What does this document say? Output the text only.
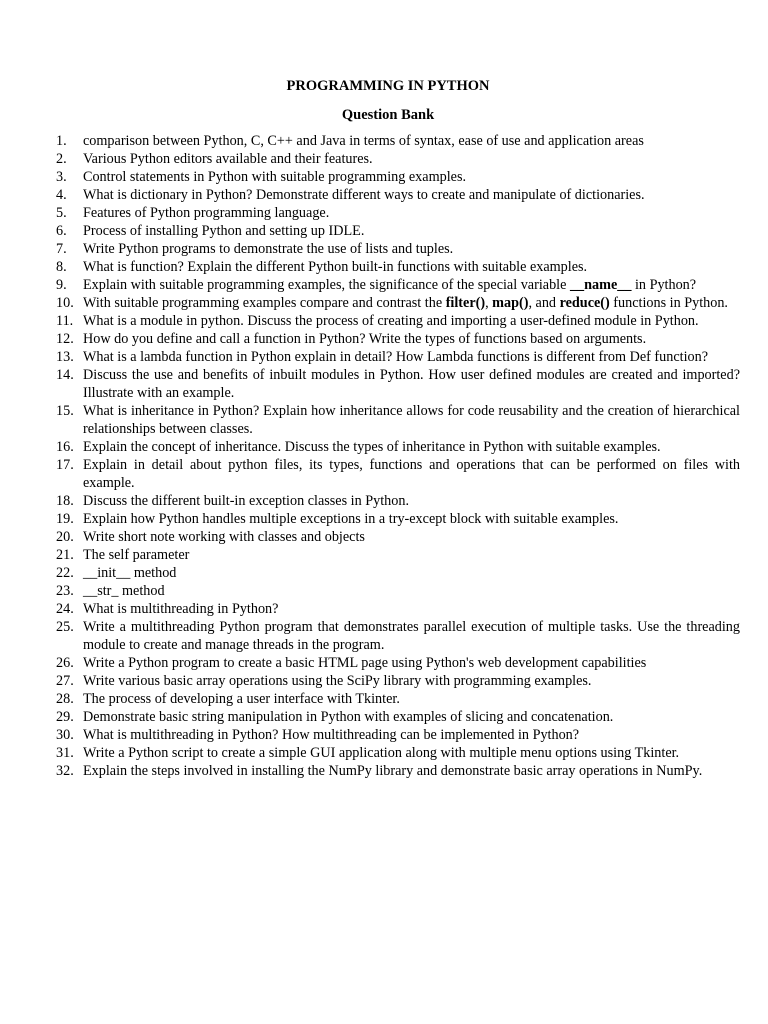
PROGRAMMING IN PYTHON
Question Bank
1. comparison between Python, C, C++ and Java in terms of syntax, ease of use and application areas
2. Various Python editors available and their features.
3. Control statements in Python with suitable programming examples.
4. What is dictionary in Python? Demonstrate different ways to create and manipulate of dictionaries.
5. Features of Python programming language.
6. Process of installing Python and setting up IDLE.
7. Write Python programs to demonstrate the use of lists and tuples.
8. What is function? Explain the different Python built-in functions with suitable examples.
9. Explain with suitable programming examples, the significance of the special variable __name__ in Python?
10. With suitable programming examples compare and contrast the filter(), map(), and reduce() functions in Python.
11. What is a module in python. Discuss the process of creating and importing a user-defined module in Python.
12. How do you define and call a function in Python? Write the types of functions based on arguments.
13. What is a lambda function in Python explain in detail? How Lambda functions is different from Def function?
14. Discuss the use and benefits of inbuilt modules in Python. How user defined modules are created and imported? Illustrate with an example.
15. What is inheritance in Python? Explain how inheritance allows for code reusability and the creation of hierarchical relationships between classes.
16. Explain the concept of inheritance. Discuss the types of inheritance in Python with suitable examples.
17. Explain in detail about python files, its types, functions and operations that can be performed on files with example.
18. Discuss the different built-in exception classes in Python.
19. Explain how Python handles multiple exceptions in a try-except block with suitable examples.
20. Write short note working with classes and objects
21. The self parameter
22. __init__ method
23. __str_ method
24. What is multithreading in Python?
25. Write a multithreading Python program that demonstrates parallel execution of multiple tasks. Use the threading module to create and manage threads in the program.
26. Write a Python program to create a basic HTML page using Python's web development capabilities
27. Write various basic array operations using the SciPy library with programming examples.
28. The process of developing a user interface with Tkinter.
29. Demonstrate basic string manipulation in Python with examples of slicing and concatenation.
30. What is multithreading in Python? How multithreading can be implemented in Python?
31. Write a Python script to create a simple GUI application along with multiple menu options using Tkinter.
32. Explain the steps involved in installing the NumPy library and demonstrate basic array operations in NumPy.
